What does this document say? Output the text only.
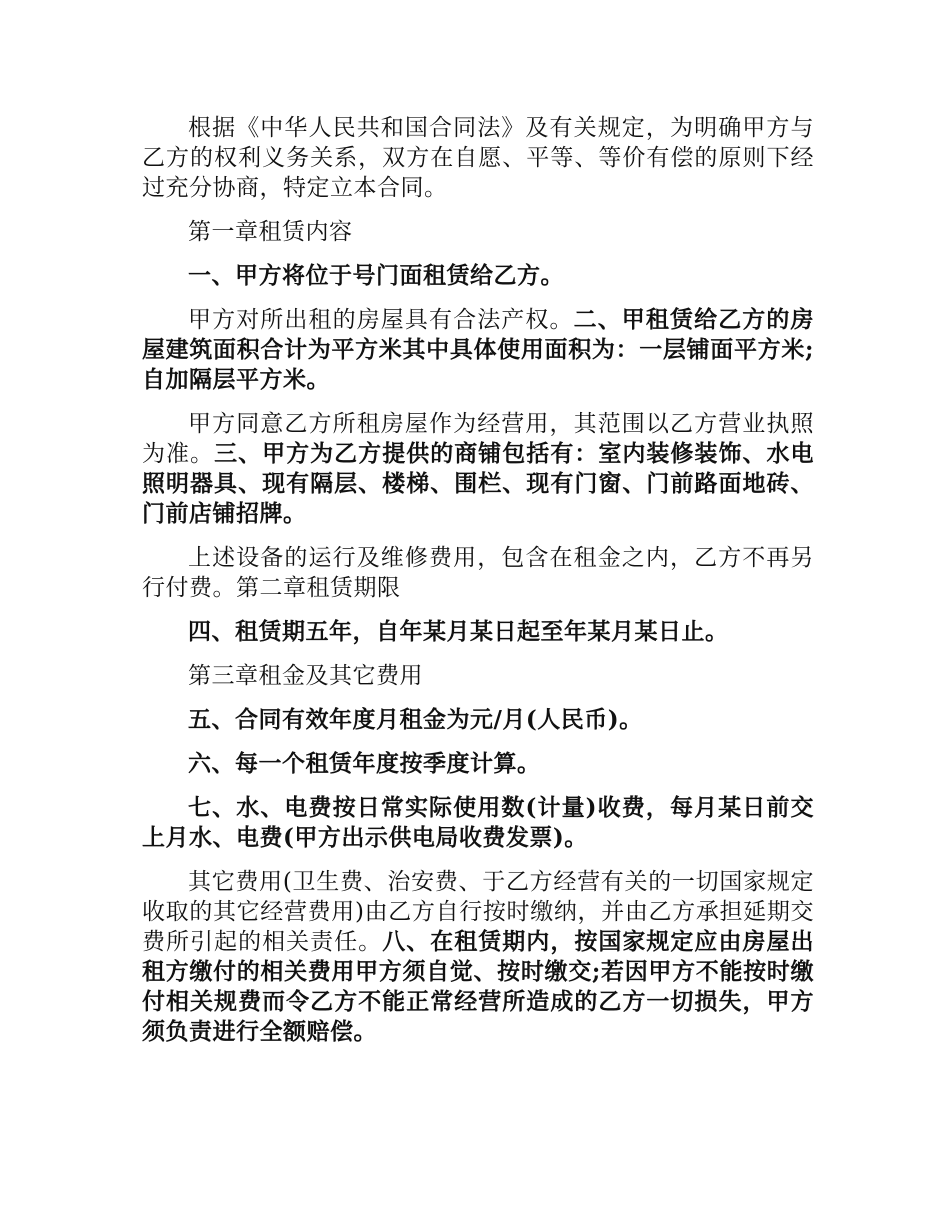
根据《中华人民共和国合同法》及有关规定，为明确甲方与乙方的权利义务关系，双方在自愿、平等、等价有偿的原则下经过充分协商，特定立本合同。

第一章租赁内容

一、甲方将位于号门面租赁给乙方。

甲方对所出租的房屋具有合法产权。二、甲租赁给乙方的房屋建筑面积合计为平方米其中具体使用面积为：一层铺面平方米;自加隔层平方米。

甲方同意乙方所租房屋作为经营用，其范围以乙方营业执照为准。三、甲方为乙方提供的商铺包括有：室内装修装饰、水电照明器具、现有隔层、楼梯、围栏、现有门窗、门前路面地砖、门前店铺招牌。

上述设备的运行及维修费用，包含在租金之内，乙方不再另行付费。第二章租赁期限

四、租赁期五年，自年某月某日起至年某月某日止。

第三章租金及其它费用

五、合同有效年度月租金为元/月(人民币)。

六、每一个租赁年度按季度计算。

七、水、电费按日常实际使用数(计量)收费，每月某日前交上月水、电费(甲方出示供电局收费发票)。

其它费用(卫生费、治安费、于乙方经营有关的一切国家规定收取的其它经营费用)由乙方自行按时缴纳，并由乙方承担延期交费所引起的相关责任。八、在租赁期内，按国家规定应由房屋出租方缴付的相关费用甲方须自觉、按时缴交;若因甲方不能按时缴付相关规费而令乙方不能正常经营所造成的乙方一切损失，甲方须负责进行全额赔偿。
